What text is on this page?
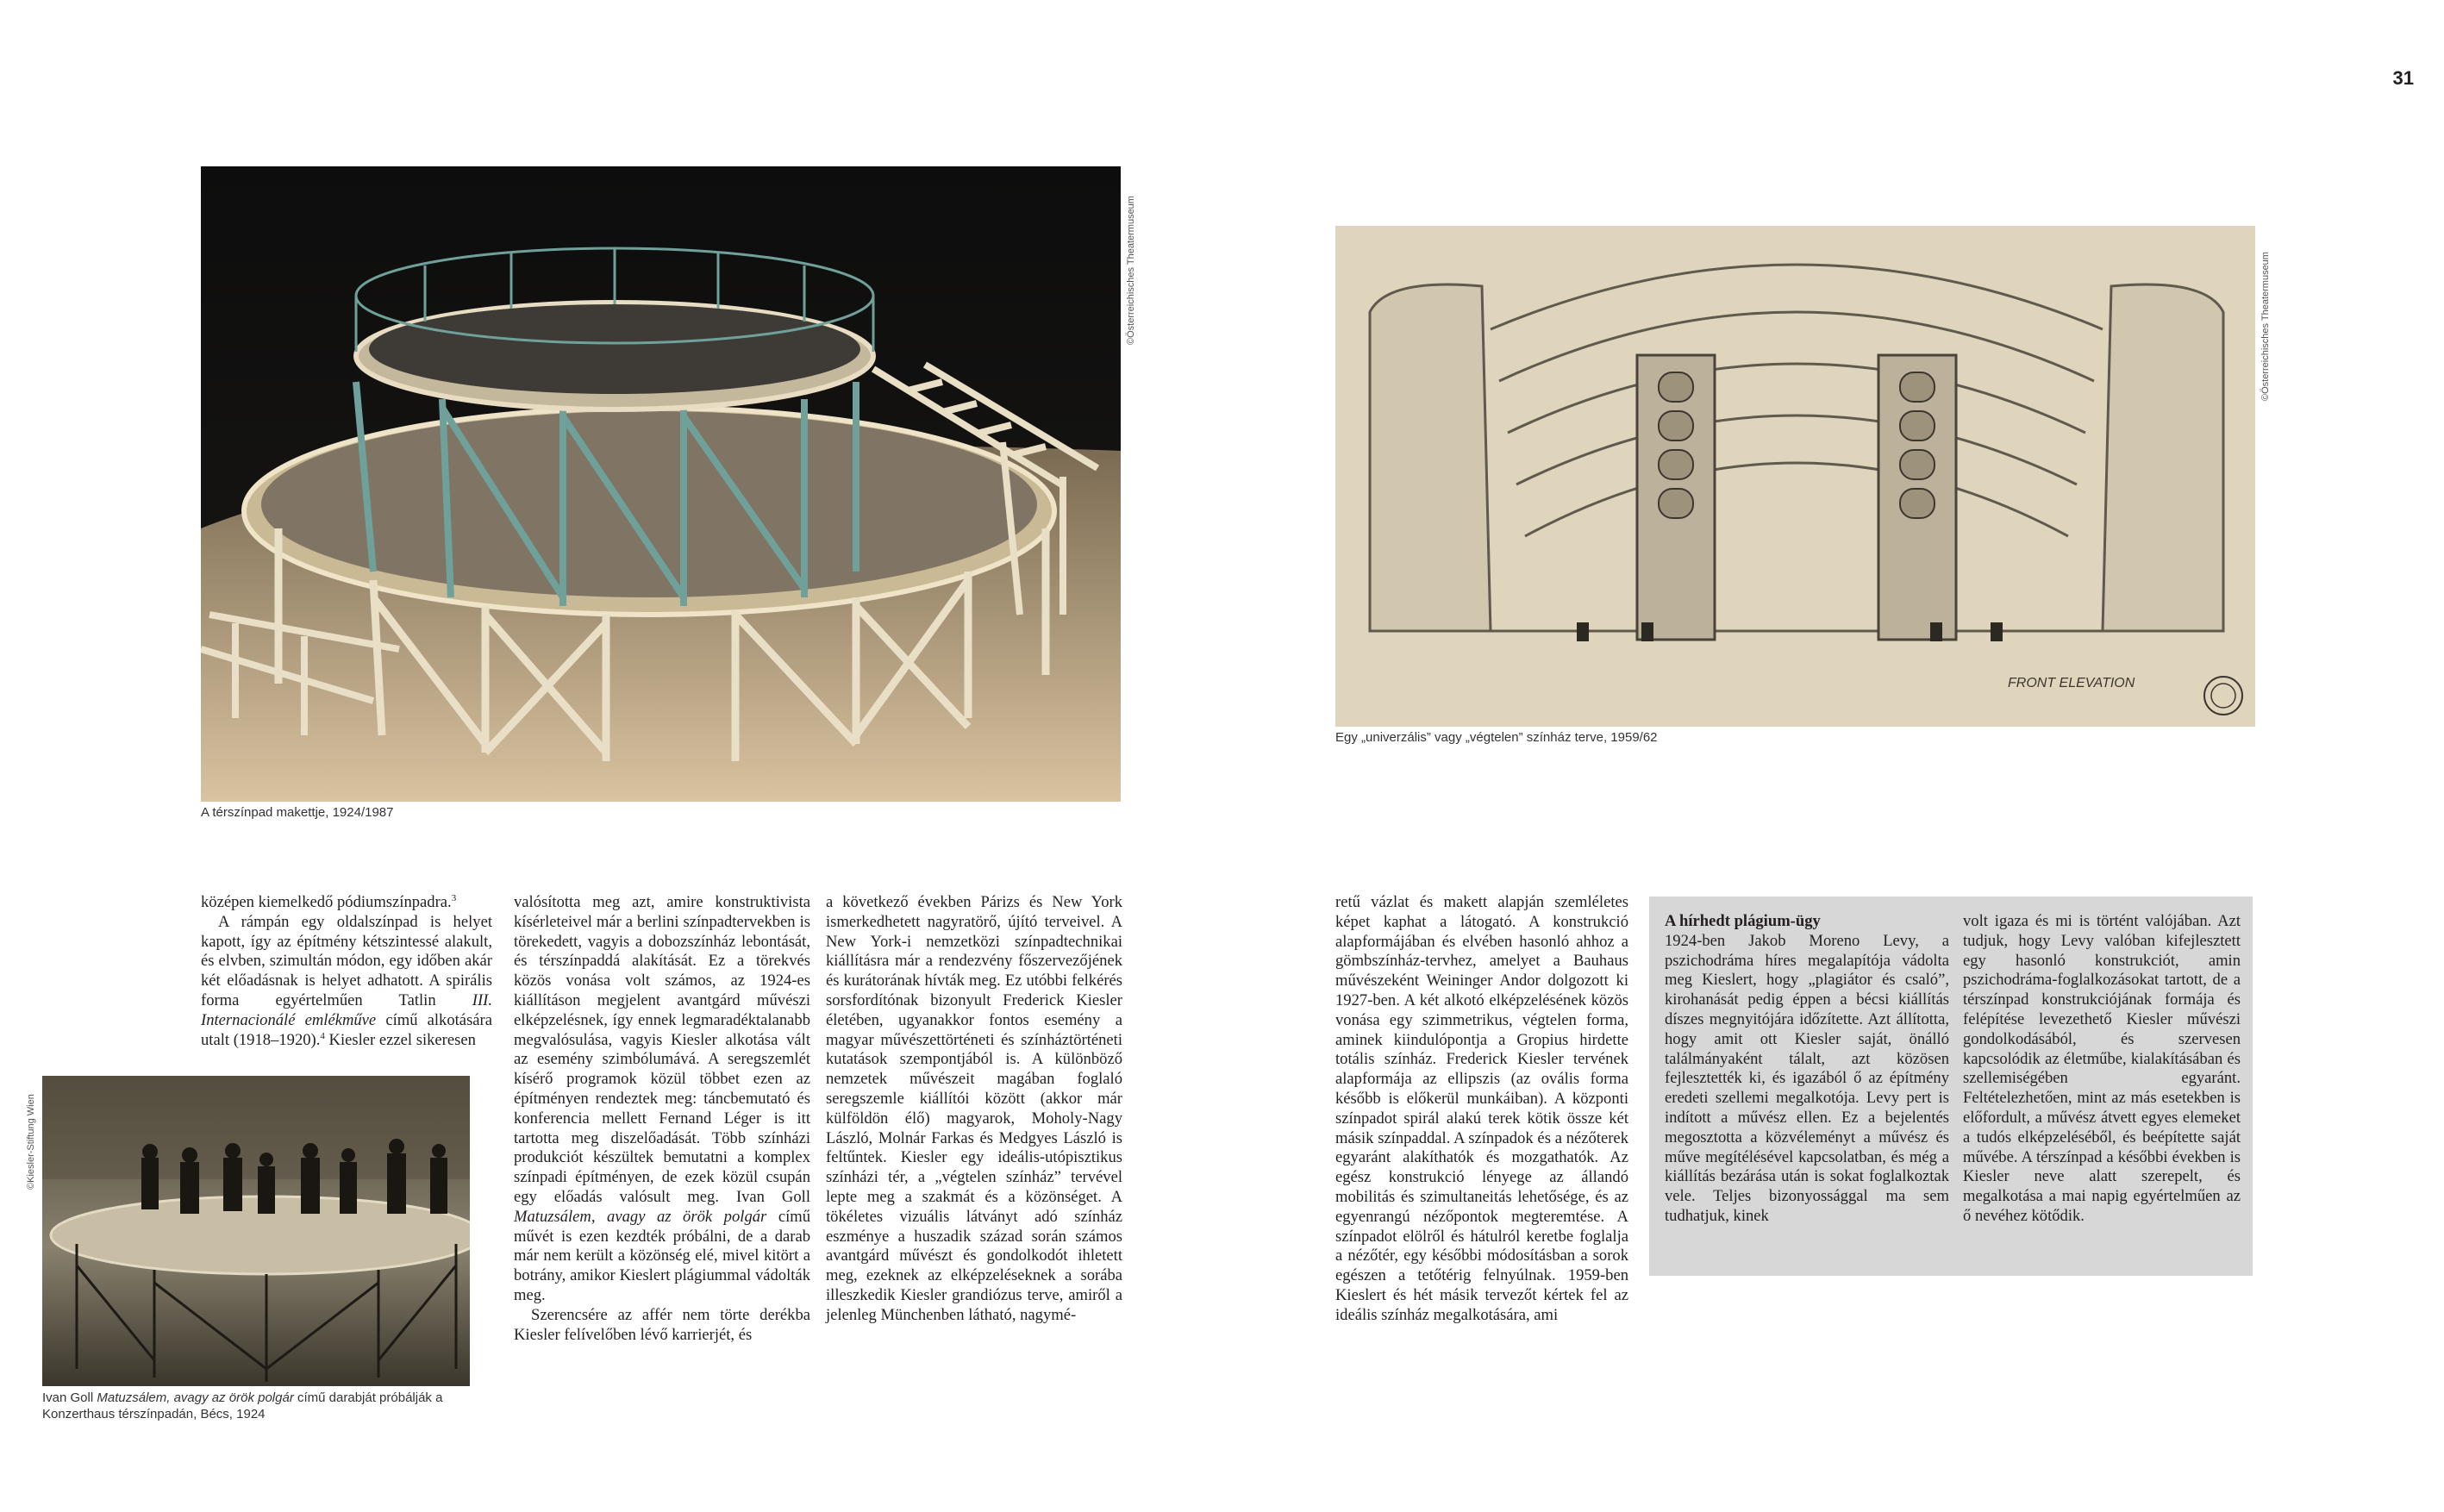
31
©Österreichisches Theatermuseum
A térszínpad makettje, 1924/1987
FRONT ELEVATION
©Österreichisches Theatermuseum
Egy „univerzális” vagy „végtelen” színház terve, 1959/62
©Kiesler-Stiftung Wien
Ivan Goll Matuzsálem, avagy az örök polgár című darabját próbálják a Konzerthaus térszínpadán, Bécs, 1924

középen kiemelkedő pódiumszínpadra.$^3$

A rámpán egy oldalszínpad is helyet kapott, így az építmény kétszintessé alakult, és elvben, szimultán módon, egy időben akár két előadásnak is helyet adhatott. A spirális forma egyértelműen Tatlin III. Internacionálé emlékműve című alkotására utalt (1918–1920).$^4$ Kiesler ezzel sikeresen

valósította meg azt, amire konstruktivista kísérleteivel már a berlini színpadtervekben is törekedett, vagyis a dobozszínház lebontását, és térszínpaddá alakítását. Ez a törekvés közös vonása volt számos, az 1924-es kiállításon megjelent avantgárd művészi elképzelésnek, így ennek legmaradéktalanabb megvalósulása, vagyis Kiesler alkotása vált az esemény szimbólumává. A seregszemlét kísérő programok közül többet ezen az építményen rendeztek meg: táncbemutató és konferencia mellett Fernand Léger is itt tartotta meg diszelőadását. Több színházi produkciót készültek bemutatni a komplex színpadi építményen, de ezek közül csupán egy előadás valósult meg. Ivan Goll Matuzsálem, avagy az örök polgár című művét is ezen kezdték próbálni, de a darab már nem került a közönség elé, mivel kitört a botrány, amikor Kieslert plágiummal vádolták meg.

Szerencsére az affér nem törte derékba Kiesler felívelőben lévő karrierjét, és

a következő években Párizs és New York ismerkedhetett nagyratörő, újító terveivel. A New York-i nemzetközi színpadtechnikai kiállításra már a rendezvény főszervezőjének és kurátorának hívták meg. Ez utóbbi felkérés sorsfordítónak bizonyult Frederick Kiesler életében, ugyanakkor fontos esemény a magyar művészettörténeti és színháztörténeti kutatások szempontjából is. A különböző nemzetek művészeit magában foglaló seregszemle kiállítói között (akkor már külföldön élő) magyarok, Moholy-Nagy László, Molnár Farkas és Medgyes László is feltűntek. Kiesler egy ideális-utópisztikus színházi tér, a „végtelen színház” tervével lepte meg a szakmát és a közönséget. A tökéletes vizuális látványt adó színház eszménye a huszadik század során számos avantgárd művészt és gondolkodót ihletett meg, ezeknek az elképzeléseknek a sorába illeszkedik Kiesler grandiózus terve, amiről a jelenleg Münchenben látható, nagymé-

retű vázlat és makett alapján szemléletes képet kaphat a látogató. A konstrukció alapformájában és elvében hasonló ahhoz a gömbszínház-tervhez, amelyet a Bauhaus művészeként Weininger Andor dolgozott ki 1927-ben. A két alkotó elképzelésének közös vonása egy szimmetrikus, végtelen forma, aminek kiindulópontja a Gropius hirdette totális színház. Frederick Kiesler tervének alapformája az ellipszis (az ovális forma később is előkerül munkáiban). A központi színpadot spirál alakú terek kötik össze két másik színpaddal. A színpadok és a nézőterek egyaránt alakíthatók és mozgathatók. Az egész konstrukció lényege az állandó mobilitás és szimultaneitás lehetősége, és az egyenrangú nézőpontok megteremtése. A színpadot elölről és hátulról keretbe foglalja a nézőtér, egy későbbi módosításban a sorok egészen a tetőtérig felnyúlnak. 1959-ben Kieslert és hét másik tervezőt kértek fel az ideális színház megalkotására, ami

A hírhedt plágium-ügy

1924-ben Jakob Moreno Levy, a pszichodráma híres megalapítója vádolta meg Kieslert, hogy „plagiátor és csaló”, kirohanását pedig éppen a bécsi kiállítás díszes megnyitójára időzítette. Azt állította, hogy amit ott Kiesler saját, önálló találmányaként tálalt, azt közösen fejlesztették ki, és igazából ő az építmény eredeti szellemi megalkotója. Levy pert is indított a művész ellen. Ez a bejelentés megosztotta a közvéleményt a művész és műve megítélésével kapcsolatban, és még a kiállítás bezárása után is sokat foglalkoztak vele. Teljes bizonyossággal ma sem tudhatjuk, kinek

volt igaza és mi is történt valójában. Azt tudjuk, hogy Levy valóban kifejlesztett egy hasonló konstrukciót, amin pszichodráma-foglalkozásokat tartott, de a térszínpad konstrukciójának formája és felépítése levezethető Kiesler művészi gondolkodásából, és szervesen kapcsolódik az életműbe, kialakításában és szellemiségében egyaránt. Feltételezhetően, mint az más esetekben is előfordult, a művész átvett egyes elemeket a tudós elképzeléséből, és beépítette saját művébe. A térszínpad a későbbi években is Kiesler neve alatt szerepelt, és megalkotása a mai napig egyértelműen az ő nevéhez kötődik.
